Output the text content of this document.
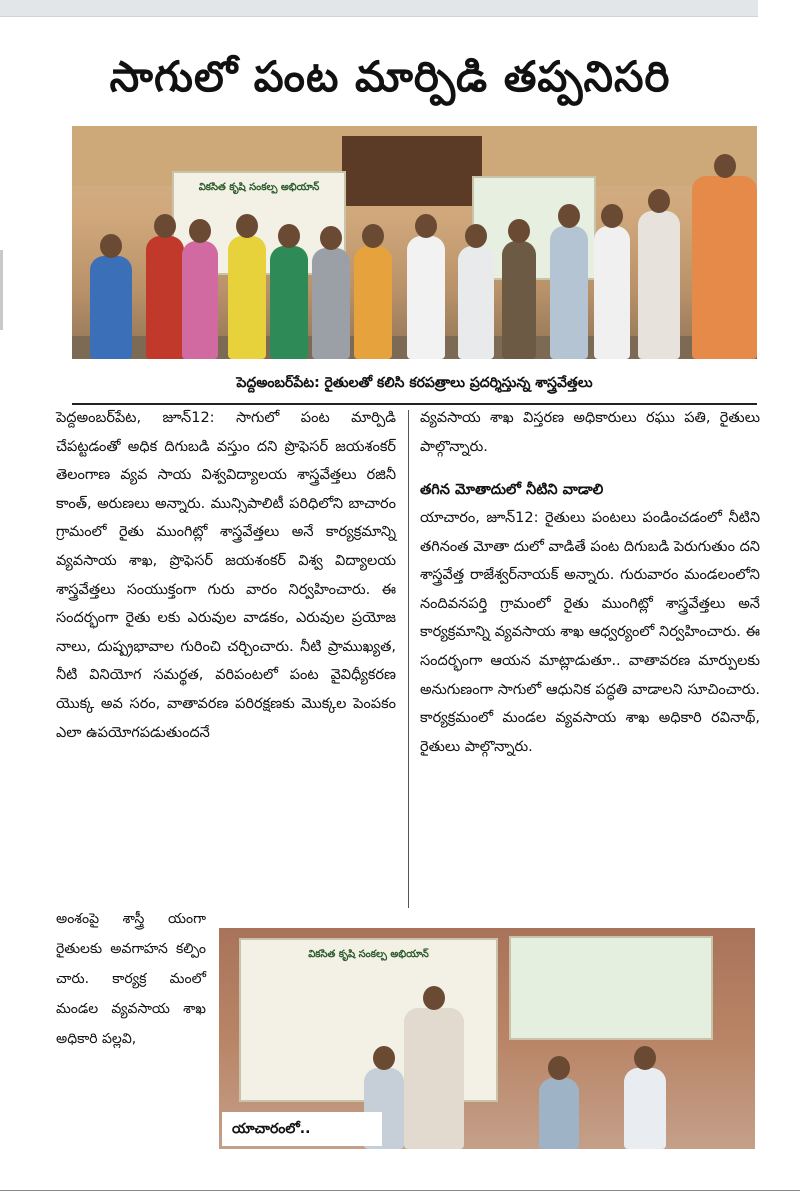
సాగులో పంట మార్పిడి తప్పనిసరి
వికసిత కృషి సంకల్ప అభియాన్
పెద్దఅంబర్‌పేట: రైతులతో కలిసి కరపత్రాలు ప్రదర్శిస్తున్న శాస్త్రవేత్తలు
పెద్దఅంబర్‌పేట, జూన్‌12: సాగులో పంట మార్పిడి చేపట్టడంతో అధిక దిగుబడి వస్తుం దని ప్రొఫెసర్‌ జయశంకర్‌ తెలంగాణ వ్యవ సాయ విశ్వవిద్యాలయ శాస్త్రవేత్తలు రజినీ కాంత్‌, అరుణలు అన్నారు. మున్సిపాలిటీ పరిధిలోని బాచారం గ్రామంలో రైతు ముంగిట్లో శాస్త్రవేత్తలు అనే కార్యక్రమాన్ని వ్యవసాయ శాఖ, ప్రొఫెసర్‌ జయశంకర్‌ విశ్వ విద్యాలయ శాస్త్రవేత్తలు సంయుక్తంగా గురు వారం నిర్వహించారు. ఈ సందర్భంగా రైతు లకు ఎరువుల వాడకం, ఎరువుల ప్రయోజ నాలు, దుష్ప్రభావాల గురించి చర్చించారు. నీటి ప్రాముఖ్యత, నీటి వినియోగ సమర్థత, వరిపంటలో పంట వైవిధ్యీకరణ యొక్క అవ సరం, వాతావరణ పరిరక్షణకు మొక్కల పెంపకం ఎలా ఉపయోగపడుతుందనే
అంశంపై శాస్త్రీ యంగా రైతులకు అవగాహన కల్పిం చారు. కార్యక్ర మంలో మండల వ్యవసాయ శాఖ అధికారి పల్లవి,
వ్యవసాయ శాఖ విస్తరణ అధికారులు రఘు పతి, రైతులు పాల్గొన్నారు.
తగిన మోతాదులో నీటిని వాడాలి
యాచారం, జూన్‌12: రైతులు పంటలు పండించడంలో నీటిని తగినంత మోతా దులో వాడితే పంట దిగుబడి పెరుగుతుం దని శాస్త్రవేత్త రాజేశ్వర్‌నాయక్‌ అన్నారు. గురువారం మండలంలోని నందివనపర్తి గ్రామంలో రైతు ముంగిట్లో శాస్త్రవేత్తలు అనే కార్యక్రమాన్ని వ్యవసాయ శాఖ ఆధ్వర్యంలో నిర్వహించారు. ఈ సందర్భంగా ఆయన మాట్లాడుతూ.. వాతావరణ మార్పులకు అనుగుణంగా సాగులో ఆధునిక పద్ధతి వాడాలని సూచించారు. కార్యక్రమంలో మండల వ్యవసాయ శాఖ అధికారి రవినాథ్‌, రైతులు పాల్గొన్నారు.
వికసిత కృషి సంకల్ప అభియాన్
యాచారంలో..
